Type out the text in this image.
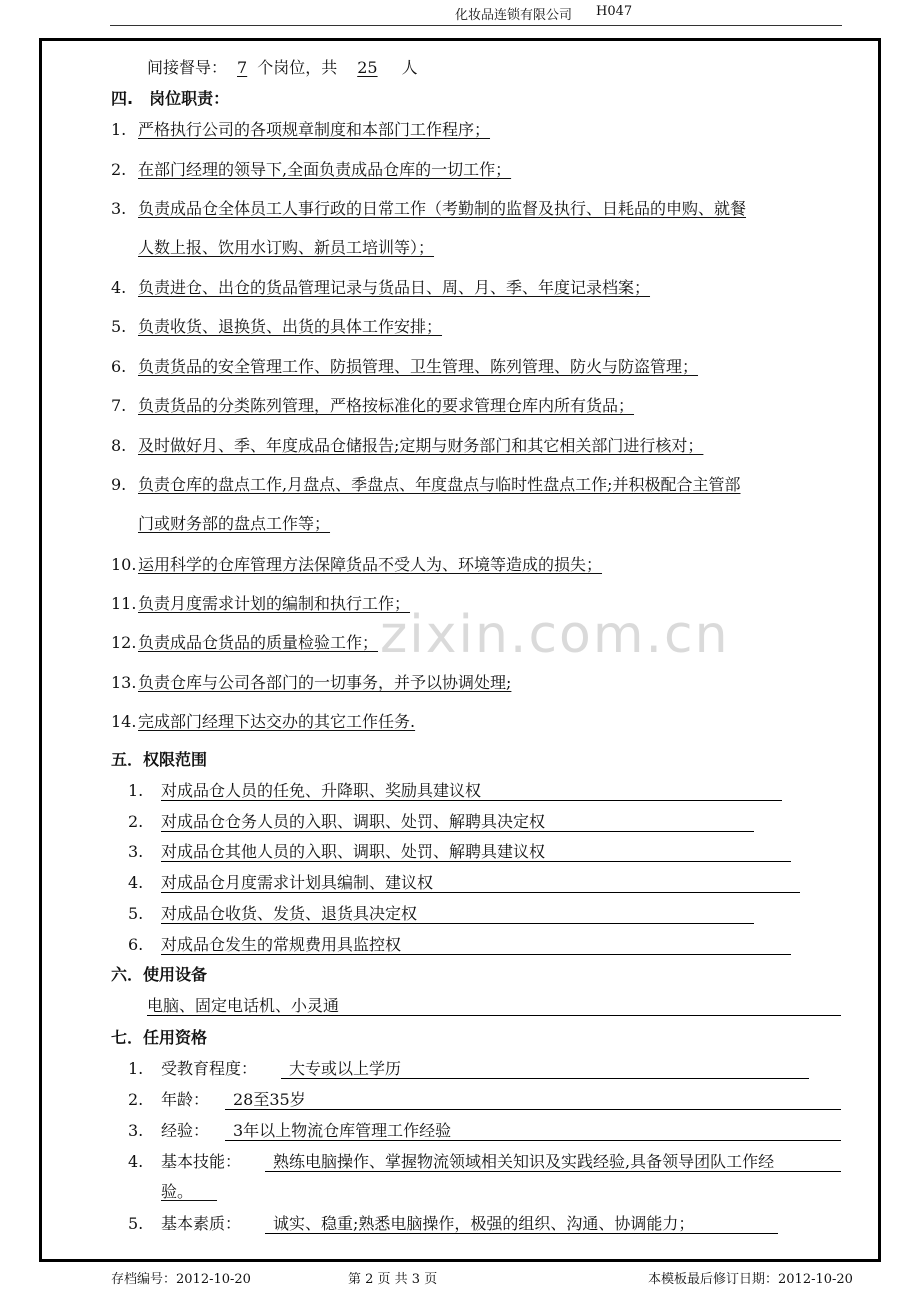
化妆品连锁有限公司 H047
zixin.com.cn
间接督导： 7 个岗位，共 25 人
四.　岗位职责：
1. 严格执行公司的各项规章制度和本部门工作程序；
2. 在部门经理的领导下,全面负责成品仓库的一切工作；
3. 负责成品仓全体员工人事行政的日常工作（考勤制的监督及执行、日耗品的申购、就餐
人数上报、饮用水订购、新员工培训等）；
4. 负责进仓、出仓的货品管理记录与货品日、周、月、季、年度记录档案；
5. 负责收货、退换货、出货的具体工作安排；
6. 负责货品的安全管理工作、防损管理、卫生管理、陈列管理、防火与防盗管理；
7. 负责货品的分类陈列管理，严格按标准化的要求管理仓库内所有货品；
8. 及时做好月、季、年度成品仓储报告;定期与财务部门和其它相关部门进行核对；
9. 负责仓库的盘点工作,月盘点、季盘点、年度盘点与临时性盘点工作;并积极配合主管部
门或财务部的盘点工作等；
10. 运用科学的仓库管理方法保障货品不受人为、环境等造成的损失；
11. 负责月度需求计划的编制和执行工作；
12. 负责成品仓货品的质量检验工作；
13. 负责仓库与公司各部门的一切事务，并予以协调处理;
14. 完成部门经理下达交办的其它工作任务.
五．权限范围
1. 对成品仓人员的任免、升降职、奖励具建议权
2. 对成品仓仓务人员的入职、调职、处罚、解聘具决定权
3. 对成品仓其他人员的入职、调职、处罚、解聘具建议权
4. 对成品仓月度需求计划具编制、建议权
5. 对成品仓收货、发货、退货具决定权
6. 对成品仓发生的常规费用具监控权
六．使用设备
电脑、固定电话机、小灵通
七．任用资格
1. 受教育程度： 大专或以上学历
2. 年龄： 28至35岁
3. 经验： 3年以上物流仓库管理工作经验
4. 基本技能： 熟练电脑操作、掌握物流领域相关知识及实践经验,具备领导团队工作经
验。　　
5. 基本素质： 诚实、稳重;熟悉电脑操作，极强的组织、沟通、协调能力；
存档编号：2012-10-20	第 2 页 共 3 页	本模板最后修订日期：2012-10-20
